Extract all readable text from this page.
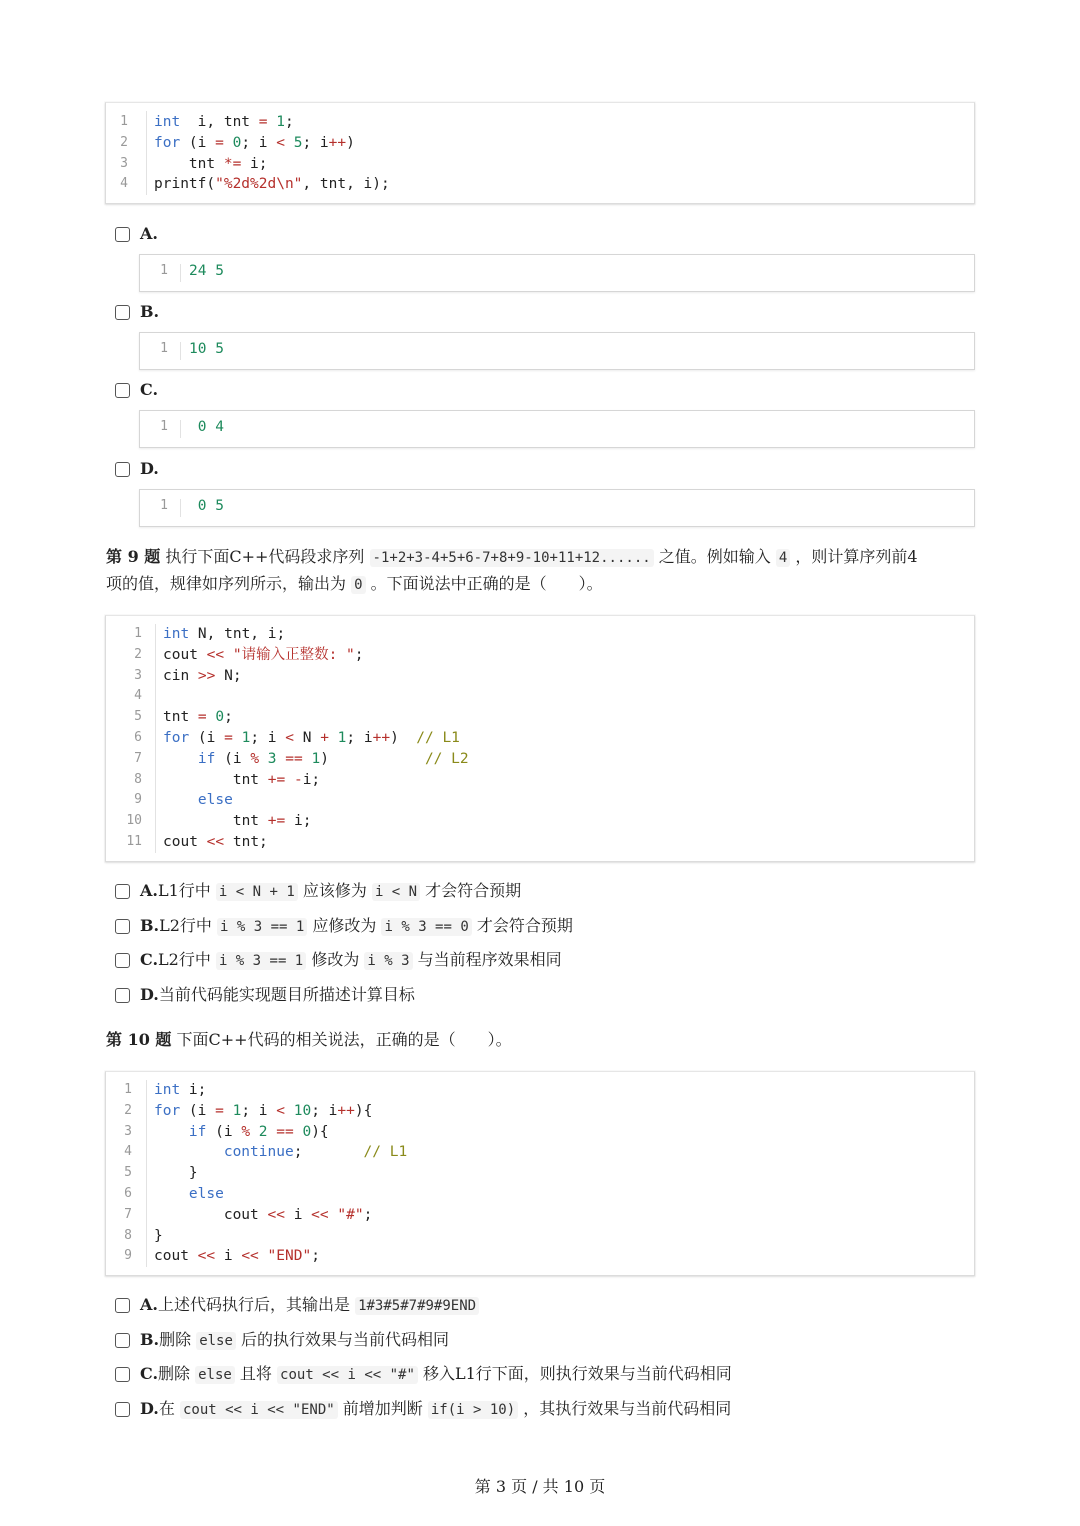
1 int  i, tnt = 1;
2 for (i = 0; i < 5; i++)
3 tnt *= i;
4 printf("%2d%2d\n", tnt, i);
A.
1 24 5
B.
1 10 5
C.
1 0 4
D.
1 0 5
第 9 题 执行下面C++代码段求序列 -1+2+3-4+5+6-7+8+9-10+11+12...... 之值。例如输入 4 ，则计算序列前4
项的值，规律如序列所示，输出为 0 。下面说法中正确的是（　　）。
1 int N, tnt, i;
2 cout << "请输入正整数: ";
3 cin >> N;
4
5 tnt = 0;
6 for (i = 1; i < N + 1; i++)  // L1
7	if (i % 3 == 1)           // L2
8 tnt += -i;
9	else
10 tnt += i;
11 cout << tnt;
A.L1行中 i < N + 1 应该修为 i < N 才会符合预期
B.L2行中 i % 3 == 1 应修改为 i % 3 == 0 才会符合预期
C.L2行中 i % 3 == 1 修改为 i % 3 与当前程序效果相同
D.当前代码能实现题目所描述计算目标
第 10 题 下面C++代码的相关说法，正确的是（　　）。
1 int i;
2 for (i = 1; i < 10; i++){
3	if (i % 2 == 0){
4	continue;       // L1
5 }
6	else
7 cout << i << "#";
8 }
9 cout << i << "END";
A.上述代码执行后，其输出是 1#3#5#7#9#9END
B.删除 else 后的执行效果与当前代码相同
C.删除 else 且将 cout << i << "#" 移入L1行下面，则执行效果与当前代码相同
D.在 cout << i << "END" 前增加判断 if(i > 10) ，其执行效果与当前代码相同
第 3 页 / 共 10 页
